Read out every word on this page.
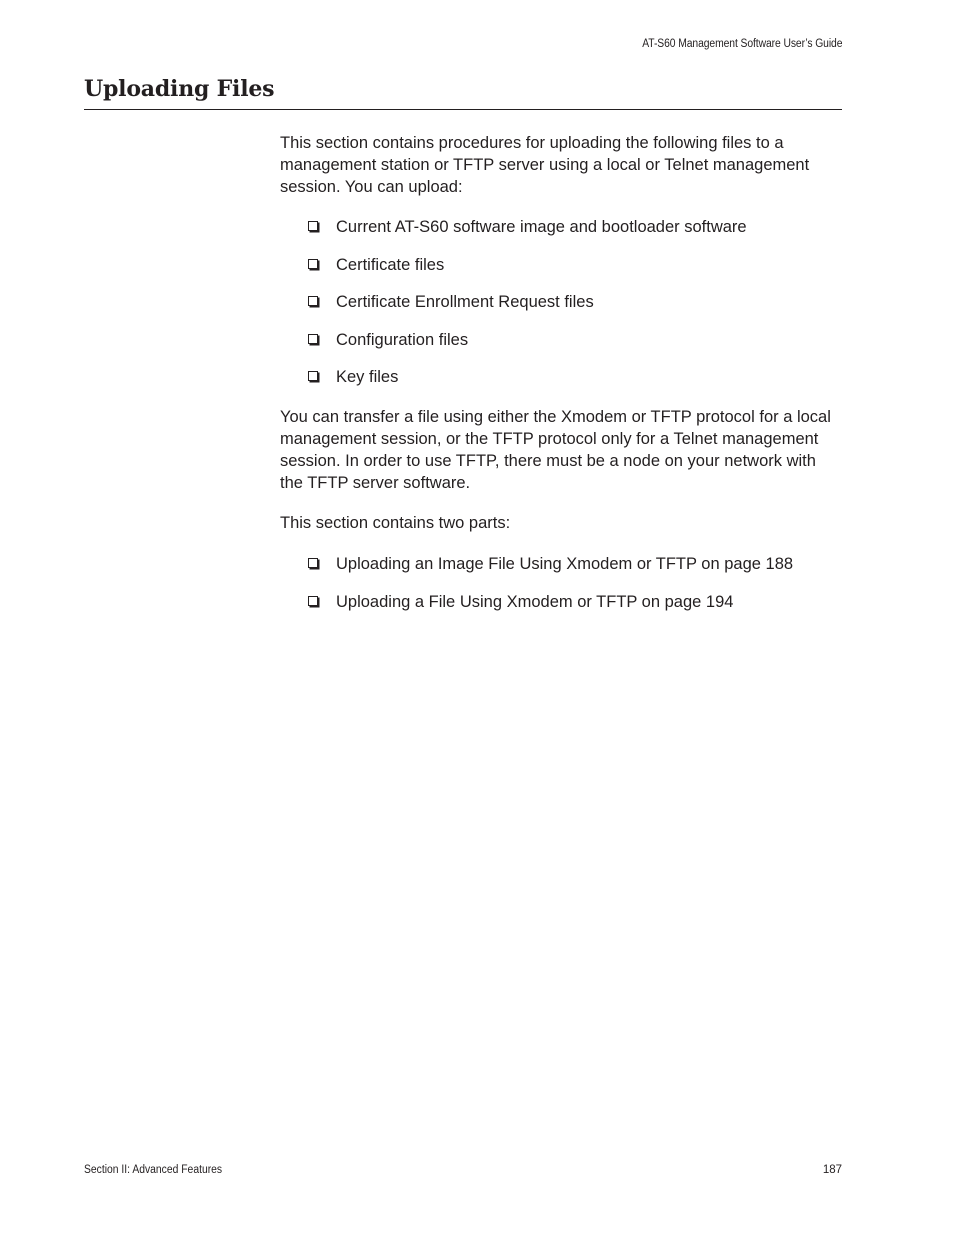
AT-S60 Management Software User’s Guide
Uploading Files

This section contains procedures for uploading the following files to a management station or TFTP server using a local or Telnet management session. You can upload:

Current AT-S60 software image and bootloader software
Certificate files
Certificate Enrollment Request files
Configuration files
Key files

You can transfer a file using either the Xmodem or TFTP protocol for a local management session, or the TFTP protocol only for a Telnet management session. In order to use TFTP, there must be a node on your network with the TFTP server software.

This section contains two parts:

Uploading an Image File Using Xmodem or TFTP on page 188
Uploading a File Using Xmodem or TFTP on page 194
Section II: Advanced Features	187
